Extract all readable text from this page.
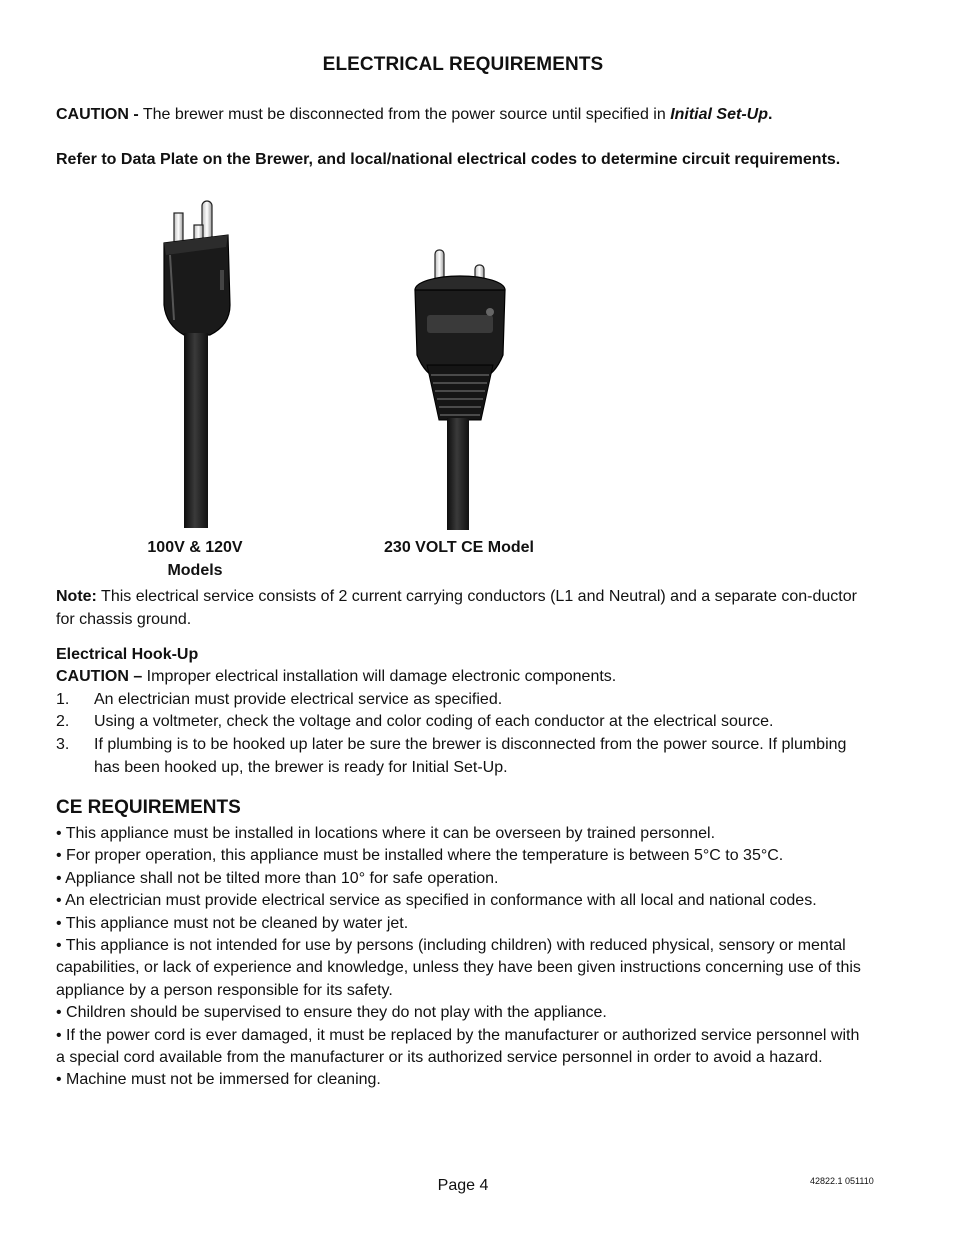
ELECTRICAL REQUIREMENTS
CAUTION - The brewer must be disconnected from the power source until specified in Initial Set-Up.
Refer to Data Plate on the Brewer, and local/national electrical codes to determine circuit requirements.
100V & 120V
Models
230 VOLT CE Model
Note: This electrical service consists of 2 current carrying conductors (L1 and Neutral) and a separate con-ductor for chassis ground.
Electrical Hook-Up
CAUTION – Improper electrical installation will damage electronic components.
1. An electrician must provide electrical service as specified.
2. Using a voltmeter, check the voltage and color coding of each conductor at the electrical source.
3. If plumbing is to be hooked up later be sure the brewer is disconnected from the power source. If plumbing has been hooked up, the brewer is ready for Initial Set-Up.
CE REQUIREMENTS
• This appliance must be installed in locations where it can be overseen by trained personnel.
• For proper operation, this appliance must be installed where the temperature is between 5°C to 35°C.
• Appliance shall not be tilted more than 10° for safe operation.
• An electrician must provide electrical service as specified in conformance with all local and national codes.
• This appliance must not be cleaned by water jet.
• This appliance is not intended for use by persons (including children) with reduced physical, sensory or mental capabilities, or lack of experience and knowledge, unless they have been given instructions concerning use of this appliance by a person responsible for its safety.
• Children should be supervised to ensure they do not play with the appliance.
• If the power cord is ever damaged, it must be replaced by the manufacturer or authorized service personnel with a special cord available from the manufacturer or its authorized service personnel in order to avoid a hazard.
• Machine must not be immersed for cleaning.
Page 4	42822.1 051110
